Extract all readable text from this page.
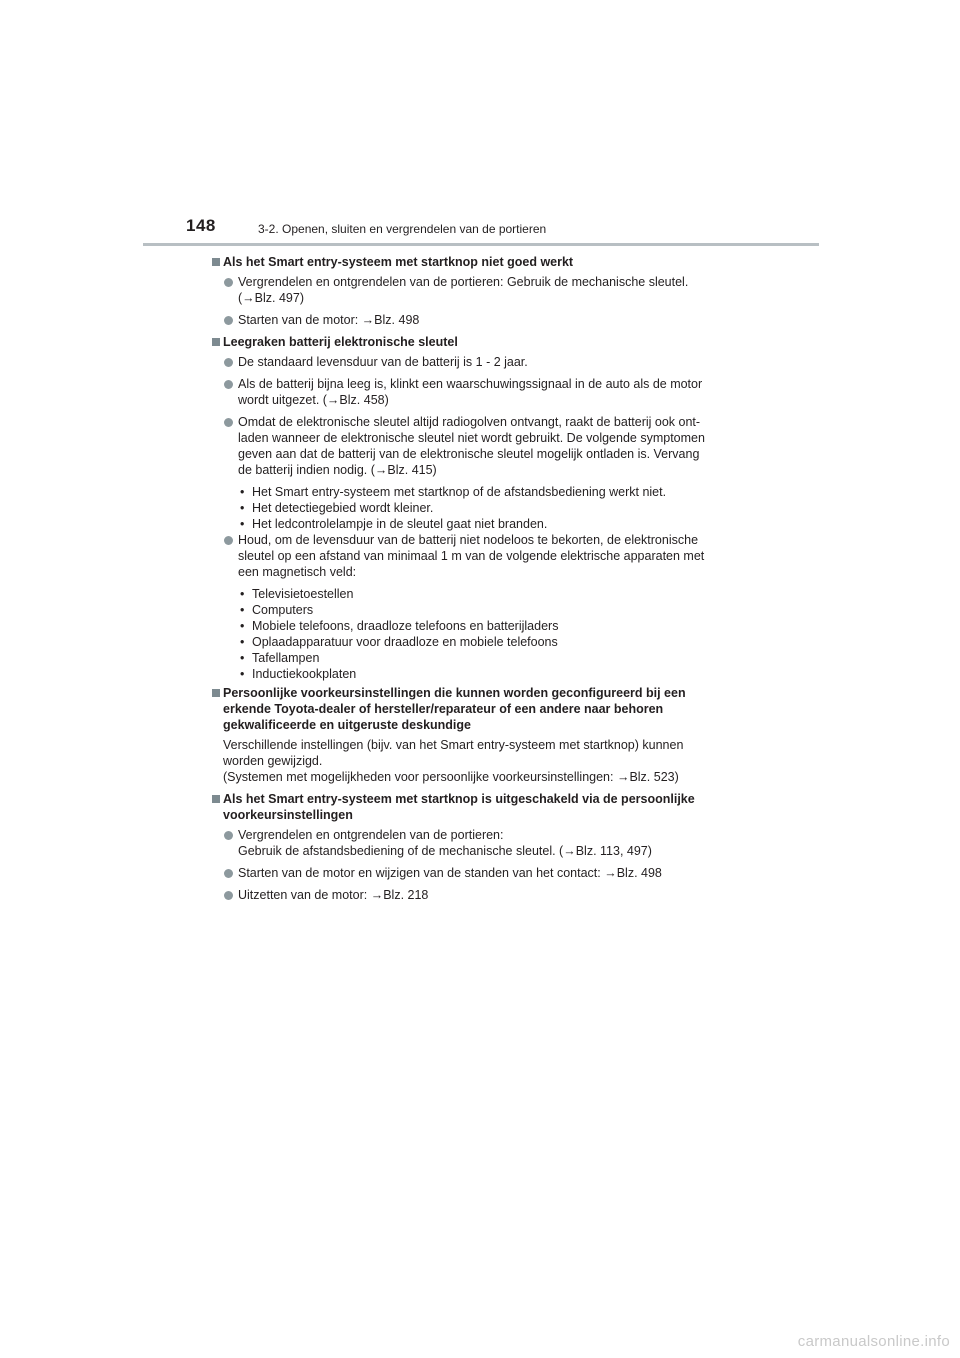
148	3-2. Openen, sluiten en vergrendelen van de portieren
Als het Smart entry-systeem met startknop niet goed werkt
Vergrendelen en ontgrendelen van de portieren: Gebruik de mechanische sleutel.
(→Blz. 497)
Starten van de motor: →Blz. 498
Leegraken batterij elektronische sleutel
De standaard levensduur van de batterij is 1 - 2 jaar.
Als de batterij bijna leeg is, klinkt een waarschuwingssignaal in de auto als de motor
wordt uitgezet. (→Blz. 458)
Omdat de elektronische sleutel altijd radiogolven ontvangt, raakt de batterij ook ont-
laden wanneer de elektronische sleutel niet wordt gebruikt. De volgende symptomen
geven aan dat de batterij van de elektronische sleutel mogelijk ontladen is. Vervang
de batterij indien nodig. (→Blz. 415)
• Het Smart entry-systeem met startknop of de afstandsbediening werkt niet.
• Het detectiegebied wordt kleiner.
• Het ledcontrolelampje in de sleutel gaat niet branden.
Houd, om de levensduur van de batterij niet nodeloos te bekorten, de elektronische
sleutel op een afstand van minimaal 1 m van de volgende elektrische apparaten met
een magnetisch veld:
• Televisietoestellen
• Computers
• Mobiele telefoons, draadloze telefoons en batterijladers
• Oplaadapparatuur voor draadloze en mobiele telefoons
• Tafellampen
• Inductiekookplaten
Persoonlijke voorkeursinstellingen die kunnen worden geconfigureerd bij een
erkende Toyota-dealer of hersteller/reparateur of een andere naar behoren
gekwalificeerde en uitgeruste deskundige
Verschillende instellingen (bijv. van het Smart entry-systeem met startknop) kunnen
worden gewijzigd.
(Systemen met mogelijkheden voor persoonlijke voorkeursinstellingen: →Blz. 523)
Als het Smart entry-systeem met startknop is uitgeschakeld via de persoonlijke
voorkeursinstellingen
Vergrendelen en ontgrendelen van de portieren:
Gebruik de afstandsbediening of de mechanische sleutel. (→Blz. 113, 497)
Starten van de motor en wijzigen van de standen van het contact: →Blz. 498
Uitzetten van de motor: →Blz. 218
carmanualsonline.info
